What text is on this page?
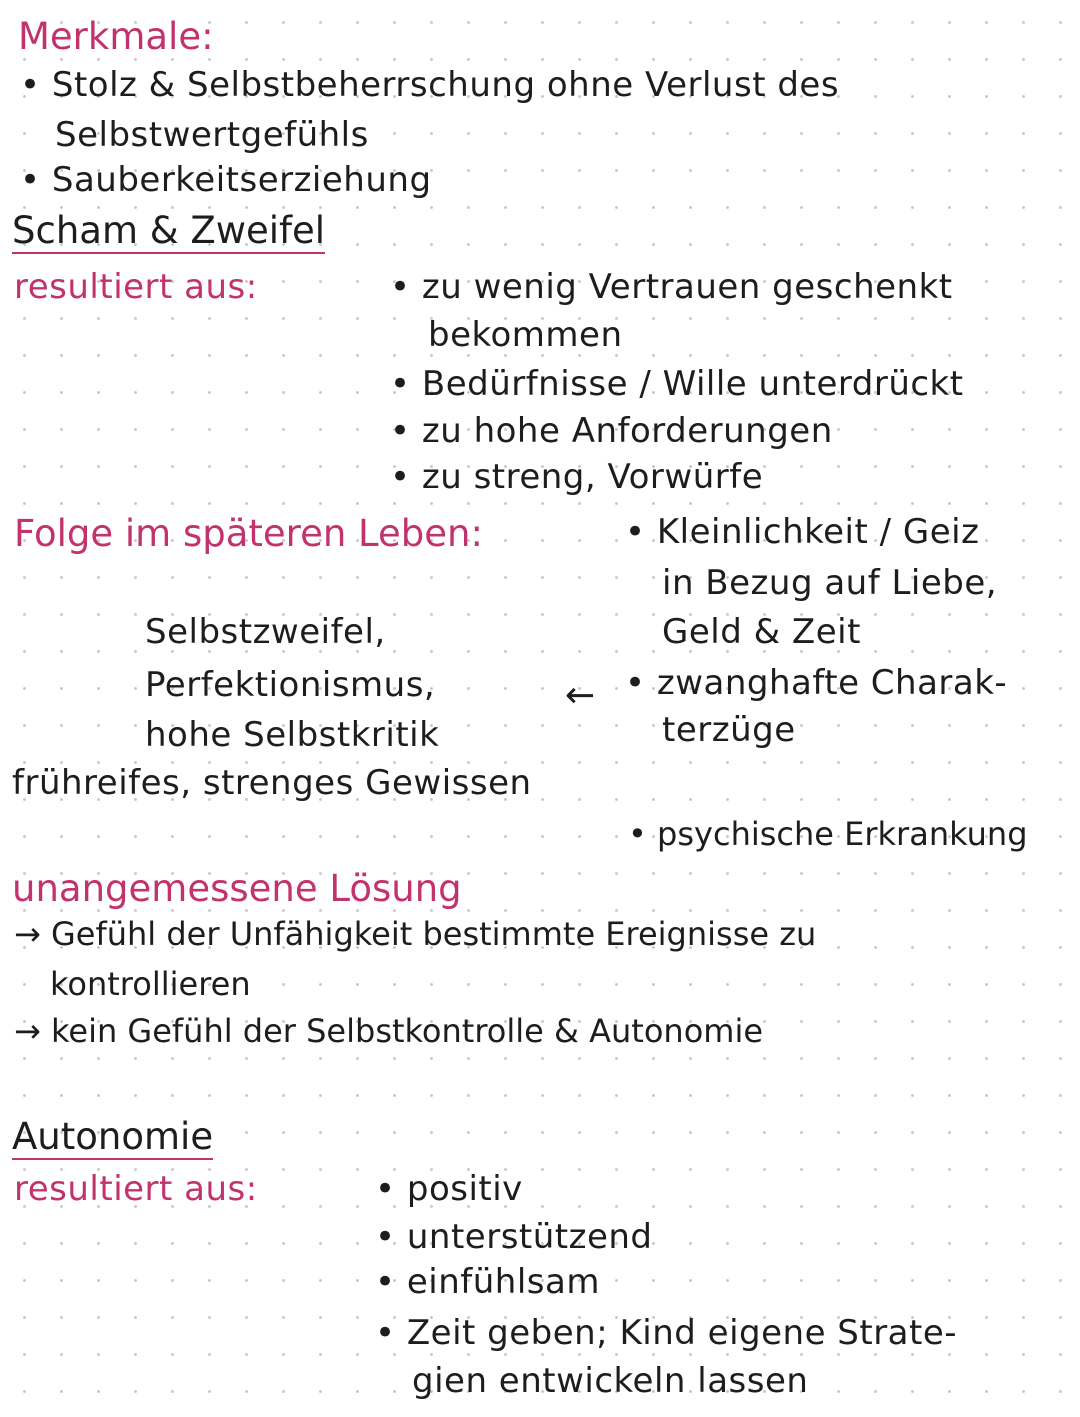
Merkmale:
• Stolz & Selbstbeherrschung ohne Verlust des
Selbstwertgefühls
• Sauberkeitserziehung
Scham & Zweifel
resultiert aus:	• zu wenig Vertrauen geschenkt
bekommen
• Bedürfnisse / Wille unterdrückt
• zu hohe Anforderungen
• zu streng, Vorwürfe
Folge im späteren Leben:	• Kleinlichkeit / Geiz
in Bezug auf Liebe,
Geld & Zeit
• zwanghafte Charak-
terzüge
Selbstzweifel,
Perfektionismus,
hohe Selbstkritik
←
frühreifes, strenges Gewissen
• psychische Erkrankung
unangemessene Lösung
→ Gefühl der Unfähigkeit bestimmte Ereignisse zu
kontrollieren
→ kein Gefühl der Selbstkontrolle & Autonomie
Autonomie
resultiert aus:	• positiv
• unterstützend
• einfühlsam
• Zeit geben; Kind eigene Strate-
gien entwickeln lassen
